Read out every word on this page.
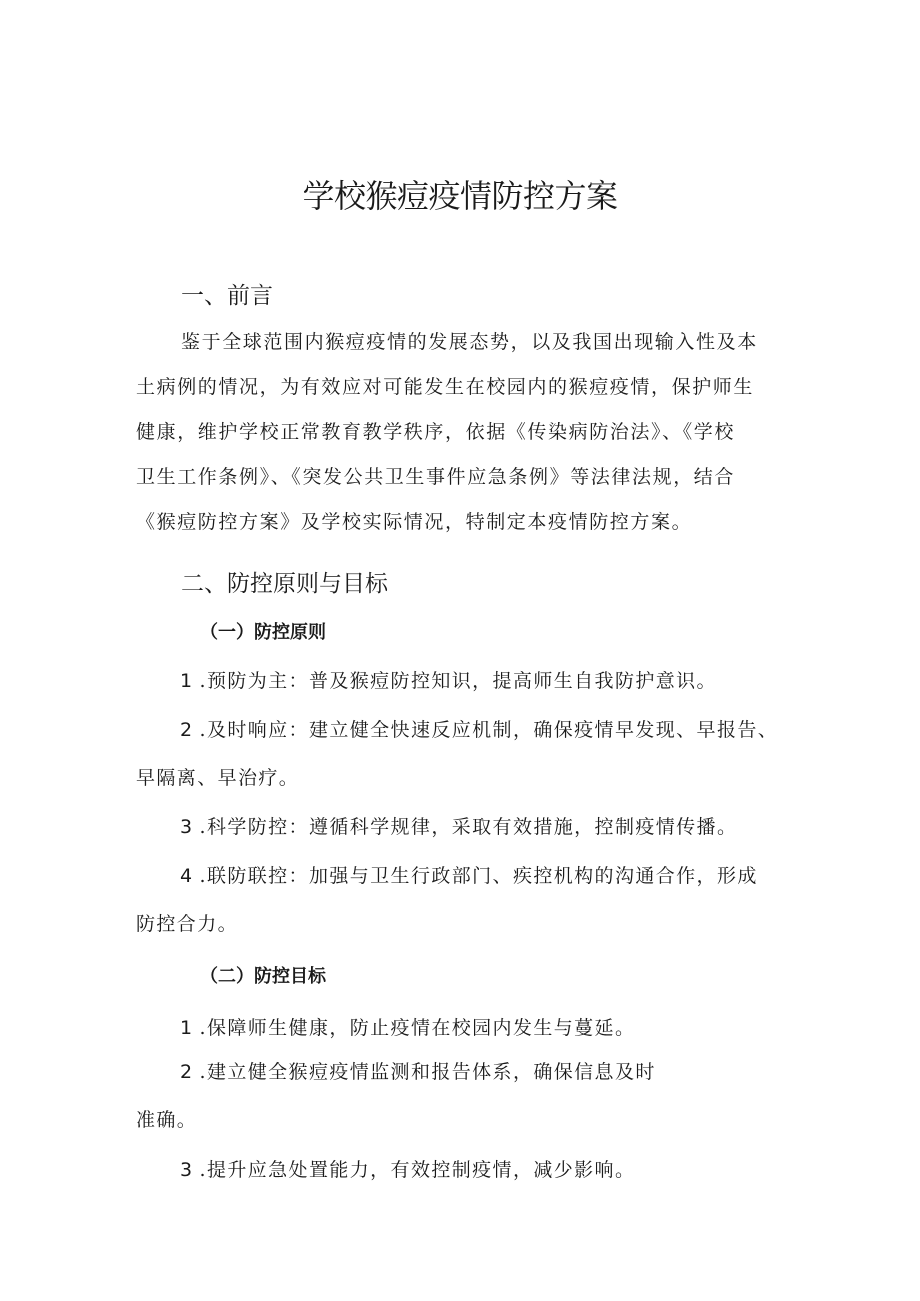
学校猴痘疫情防控方案
一、前言
鉴于全球范围内猴痘疫情的发展态势，以及我国出现输入性及本
土病例的情况，为有效应对可能发生在校园内的猴痘疫情，保护师生
健康，维护学校正常教育教学秩序，依据《传染病防治法》、《学校
卫生工作条例》、《突发公共卫生事件应急条例》等法律法规，结合
《猴痘防控方案》及学校实际情况，特制定本疫情防控方案。
二、防控原则与目标
（一）防控原则
1 .预防为主：普及猴痘防控知识，提高师生自我防护意识。
2 .及时响应：建立健全快速反应机制，确保疫情早发现、早报告、
早隔离、早治疗。
3 .科学防控：遵循科学规律，采取有效措施，控制疫情传播。
4 .联防联控：加强与卫生行政部门、疾控机构的沟通合作，形成
防控合力。
（二）防控目标
1 .保障师生健康，防止疫情在校园内发生与蔓延。
2 .建立健全猴痘疫情监测和报告体系，确保信息及时
准确。
3 .提升应急处置能力，有效控制疫情，减少影响。
